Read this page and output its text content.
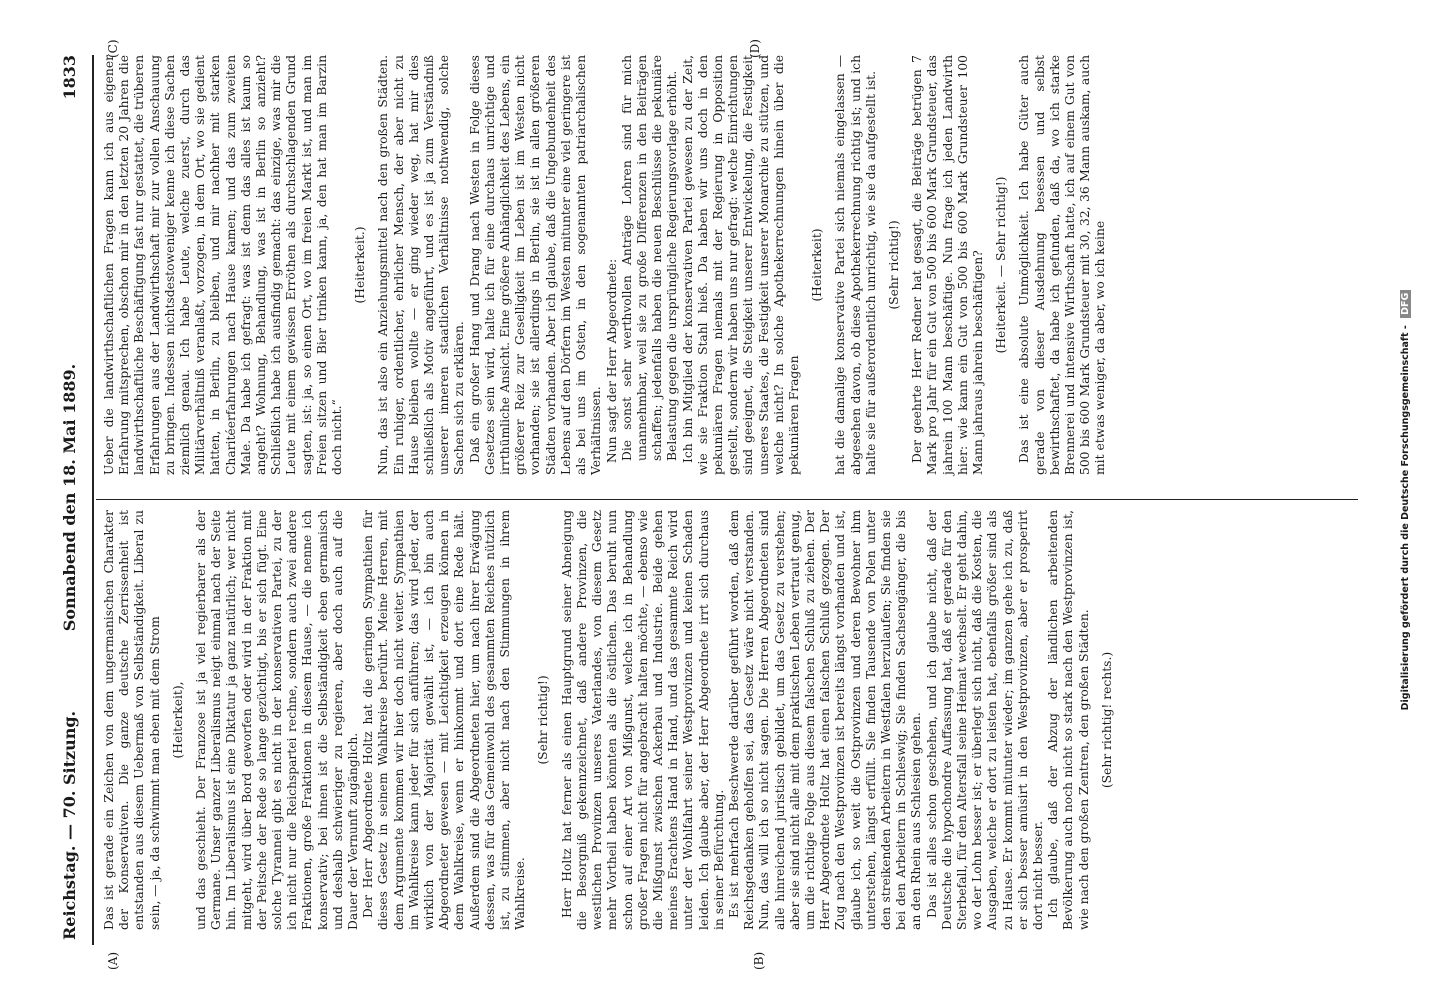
Reichstag. — 70. Sitzung.
Sonnabend den 18. Mai 1889.
1833
(A)	(B)
(C)	(D)

Das ist gerade ein Zeichen von dem ungermanischen Charakter der Konservativen. Die ganze deutsche Zerrissenheit ist entstanden aus diesem Uebermaß von Selbständigkeit. Liberal zu sein, — ja, da schwimmt man eben mit dem Strom (Heiterkeit), und das geschieht. Der Franzose ist ja viel regierbarer als der Germane. Unser ganzer Liberalismus neigt einmal nach der Seite hin. Im Liberalismus ist eine Diktatur ja ganz natürlich; wer nicht mitgeht, wird über Bord geworfen oder wird in der Fraktion mit der Peitsche der Rede so lange gezüchtigt, bis er sich fügt. Eine solche Tyrannei gibt es nicht in der konservativen Partei, zu der ich nicht nur die Reichspartei rechne, sondern auch zwei andere Fraktionen, große Fraktionen in diesem Hause, — die nenne ich konservativ; bei ihnen ist die Selbständigkeit eben germanisch und deshalb schwieriger zu regieren, aber doch auch auf die Dauer der Vernunft zugänglich. Der Herr Abgeordnete Holtz hat die geringen Sympathien für dieses Gesetz in seinem Wahlkreise berührt. Meine Herren, mit dem Argumente kommen wir hier doch nicht weiter. Sympathien im Wahlkreise kann jeder für sich anführen; das wird jeder, der wirklich von der Majorität gewählt ist, — ich bin auch Abgeordneter gewesen — mit Leichtigkeit erzeugen können in dem Wahlkreise, wenn er hinkommt und dort eine Rede hält. Außerdem sind die Abgeordneten hier, um nach ihrer Erwägung dessen, was für das Gemeinwohl des gesammten Reiches nützlich ist, zu stimmen, aber nicht nach den Stimmungen in ihrem Wahlkreise.

(Sehr richtig!) Herr Holtz hat ferner als einen Hauptgrund seiner Abneigung die Besorgniß gekennzeichnet, daß andere Provinzen, die westlichen Provinzen unseres Vaterlandes, von diesem Gesetz mehr Vortheil haben könnten als die östlichen. Das beruht nun schon auf einer Art von Mißgunst, welche ich in Behandlung großer Fragen nicht für angebracht halten möchte, — ebenso wie die Mißgunst zwischen Ackerbau und Industrie. Beide gehen meines Erachtens Hand in Hand, und das gesammte Reich wird unter der Wohlfahrt seiner Westprovinzen und keinen Schaden leiden. Ich glaube aber, der Herr Abgeordnete irrt sich durchaus in seiner Befürchtung. Es ist mehrfach Beschwerde darüber geführt worden, daß dem Reichsgedanken geholfen sei, das Gesetz wäre nicht verstanden. Nun, das will ich so nicht sagen. Die Herren Abgeordneten sind alle hinreichend juristisch gebildet, um das Gesetz zu verstehen; aber sie sind nicht alle mit dem praktischen Leben vertraut genug, um die richtige Folge aus diesem falschen Schluß zu ziehen. Der Herr Abgeordnete Holtz hat einen falschen Schluß gezogen. Der Zug nach den Westprovinzen ist bereits längst vorhanden und ist, glaube ich, so weit die Ostprovinzen und deren Bewohner ihm unterstehen, längst erfüllt. Sie finden Tausende von Polen unter den streikenden Arbeitern in Westfalen herzulaufen; Sie finden sie bei den Arbeitern in Schleswig; Sie finden Sachsengänger, die bis an den Rhein aus Schlesien gehen. Das ist alles schon geschehen, und ich glaube nicht, daß der Deutsche die hypochondre Auffassung hat, daß er gerade für den Sterbefall, für den Altersfall seine Heimat wechselt. Er geht dahin, wo der Lohn besser ist; er überlegt sich nicht, daß die Kosten, die Ausgaben, welche er dort zu leisten hat, ebenfalls größer sind als zu Hause. Er kommt mitunter wieder; im ganzen gehe ich zu, daß er sich besser amüsirt in den Westprovinzen, aber er prosperirt dort nicht besser. Ich glaube, daß der Abzug der ländlichen arbeitenden Bevölkerung auch noch nicht so stark nach den Westprovinzen ist, wie nach den großen Zentren, den großen Städten. (Sehr richtig! rechts.)

Ueber die landwirthschaftlichen Fragen kann ich aus eigener Erfahrung mitsprechen, obschon mir in den letzten 20 Jahren die landwirthschaftliche Beschäftigung fast nur gestattet, die trüberen Erfahrungen aus der Landwirthschaft mir zur vollen Anschauung zu bringen. Indessen nichtsdestoweniger kenne ich diese Sachen ziemlich genau. Ich habe Leute, welche zuerst, durch das Militärverhältniß veranlaßt, vorzogen, in dem Ort, wo sie gedient hatten, in Berlin, zu bleiben, und mir nachher mit starken Charitéerfahrungen nach Hause kamen; und das zum zweiten Male. Da habe ich gefragt: was ist denn das alles ist kaum so angeht? Wohnung, Behandlung, was ist in Berlin so anzieht? Schließlich habe ich ausfindig gemacht: das einzige, was mir die Leute mit einem gewissen Erröthen als durchschlagenden Grund sagten, ist: ja, so einen Ort, wo im freien Markt ist, und man im Freien sitzen und Bier trinken kann, ja, den hat man im Barzin doch nicht.“

(Heiterkeit.) Nun, das ist also ein Anziehungsmittel nach den großen Städten. Ein ruhiger, ordentlicher, ehrlicher Mensch, der aber nicht zu Hause bleiben wollte — er ging wieder weg, hat mir dies schließlich als Motiv angeführt, und es ist ja zum Verständniß unserer inneren staatlichen Verhältnisse nothwendig, solche Sachen sich zu erklären. Daß ein großer Hang und Drang nach Westen in Folge dieses Gesetzes sein wird, halte ich für eine durchaus unrichtige und irrthümliche Ansicht. Eine größere Anhänglichkeit des Lebens, ein größerer Reiz zur Geselligkeit im Leben ist im Westen nicht vorhanden; sie ist allerdings in Berlin, sie ist in allen größeren Städten vorhanden. Aber ich glaube, daß die Ungebundenheit des Lebens auf den Dörfern im Westen mitunter eine viel geringere ist als bei uns im Osten, in den sogenannten patriarchalischen Verhältnissen. Nun sagt der Herr Abgeordnete: Die sonst sehr werthvollen Anträge Lohren sind für mich unannehmbar, weil sie zu große Differenzen in den Beiträgen schaffen; jedenfalls haben die neuen Beschlüsse die pekuniäre Belastung gegen die ursprüngliche Regierungsvorlage erhöht. Ich bin Mitglied der konservativen Partei gewesen zu der Zeit, wie sie Fraktion Stahl hieß. Da haben wir uns doch in den pekuniären Fragen niemals mit der Regierung in Opposition gestellt, sondern wir haben uns nur gefragt: welche Einrichtungen sind geeignet, die Steigkeit unserer Entwickelung, die Festigkeit unseres Staates, die Festigkeit unserer Monarchie zu stützen, und welche nicht? In solche Apothekerrechnungen hinein über die pekuniären Fragen

(Heiterkeit) hat die damalige konservative Partei sich niemals eingelassen — abgesehen davon, ob diese Apothekerrechnung richtig ist; und ich halte sie für außerordentlich unrichtig, wie sie da aufgestellt ist. (Sehr richtig!) Der geehrte Herr Redner hat gesagt, die Beiträge betrügen 7 Mark pro Jahr für ein Gut von 500 bis 600 Mark Grundsteuer, das jahrein 100 Mann beschäftige. Nun frage ich jeden Landwirth hier: wie kann ein Gut von 500 bis 600 Mark Grundsteuer 100 Mann jahraus jahrein beschäftigen? (Heiterkeit. — Sehr richtig!) Das ist eine absolute Unmöglichkeit. Ich habe Güter auch gerade von dieser Ausdehnung besessen und selbst bewirthschaftet, da habe ich gefunden, daß da, wo ich starke Brennerei und intensive Wirthschaft hatte, ich auf einem Gut von 500 bis 600 Mark Grundsteuer mit 30, 32, 36 Mann auskam, auch mit etwas weniger, da aber, wo ich keine	Digitalisierung gefördert durch die Deutsche Forschungsgemeinschaft - DFG
